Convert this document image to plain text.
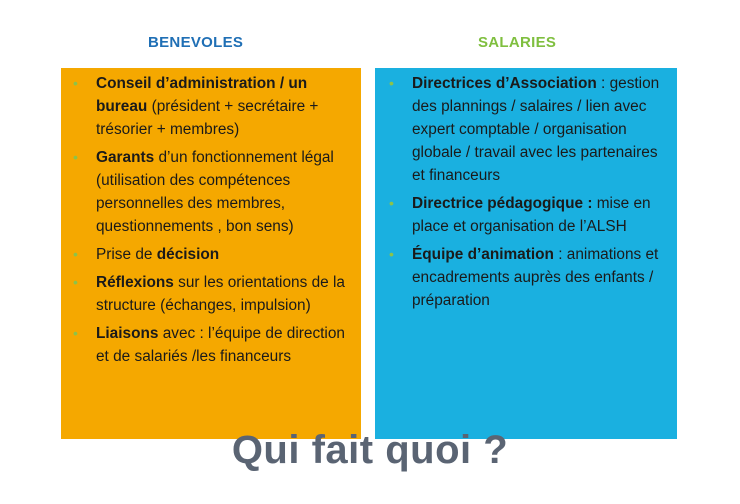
BENEVOLES	SALARIES
• Conseil d’administration / un bureau (président + secrétaire + trésorier + membres)
• Garants d’un fonctionnement légal (utilisation des compétences personnelles des membres, questionnements , bon sens)
• Prise de décision
• Réflexions sur les orientations de la structure (échanges, impulsion)
• Liaisons avec : l’équipe de direction et de salariés /les financeurs
• Directrices d’Association : gestion des plannings / salaires / lien avec expert comptable / organisation globale / travail avec les partenaires et financeurs
• Directrice pédagogique : mise en place et organisation de l’ALSH
• Équipe d’animation : animations et encadrements auprès des enfants / préparation
Qui fait quoi ?
